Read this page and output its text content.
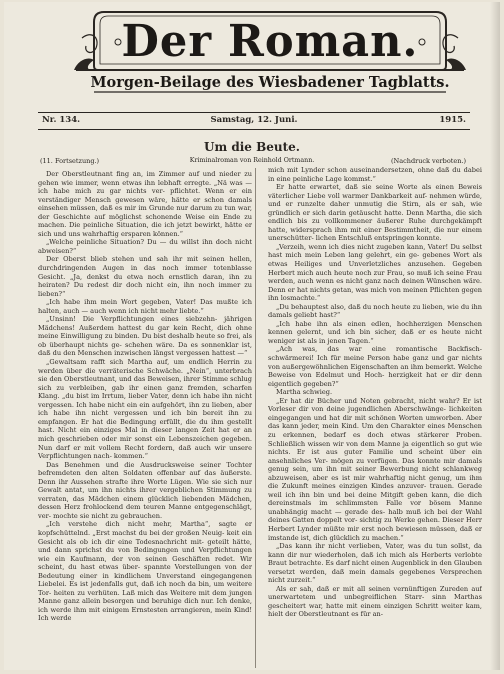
Der Roman.
Morgen-Beilage des Wiesbadener Tagblatts.
Nr. 134.	Samstag, 12. Juni.	1915.
Um die Beute.
(11. Fortsetzung.)	Kriminalroman von Reinhold Ortmann.	(Nachdruck verboten.)

Der Oberstleutnant fing an, im Zimmer auf und nieder zu gehen wie immer, wenn etwas ihn lebhaft erregte. „Nä was — ich habe mich zu gar nichts ver- pflichtet. Wenn er ein verständiger Mensch gewesen wäre, hätte er schon damals einsehen müssen, daß es mir im Grunde nur darum zu tun war, der Geschichte auf möglichst schonende Weise ein Ende zu machen. Die peinliche Situation, die ich jetzt bewirkt, hätte er sich und uns wahrhaftig ersparen können.“

„Welche peinliche Situation? Du — du willst ihn doch nicht abweisen?“

Der Oberst blieb stehen und sah ihr mit seinen hellen, durchdringenden Augen in das noch immer totenblasse Gesicht. „Ja, denkst du etwa noch ernstlich daran, ihn zu heiraten? Du redest dir doch nicht ein, ihn noch immer zu lieben?“

„Ich habe ihm mein Wort gegeben, Vater! Das mußte ich halten, auch — auch wenn ich nicht mehr liebte.“

„Unsinn! Die Verpflichtungen eines siebzehn- jährigen Mädchens! Außerdem hattest du gar kein Recht, dich ohne meine Einwilligung zu binden. Du bist deshalb heute so frei, als ob überhaupt nichts ge- schehen wäre. Da es sonnenklar ist, daß du den Menschen inzwischen längst vergessen hattest —“

„Gewaltsam rafft sich Martha auf, um endlich Herrin zu werden über die verräterische Schwäche. „Nein“, unterbrach sie den Oberstleutnant, und das Beweisen, ihrer Stimme schlug sich zu verbleiben, gab ihr einen ganz fremden, scharfen Klang. „du bist im Irrtum, lieber Vater, denn ich habe ihn nicht vergessen. Ich habe nicht ein ein aufgehört, ihn zu lieben, aber ich habe ihn nicht vergessen und ich bin bereit ihn zu empfangen. Er hat die Bedingung erfüllt, die du ihm gestellt hast. Nicht ein einziges Mal in dieser langen Zeit hat er an mich geschrieben oder mir sonst ein Lebenszeichen gegeben. Nun darf er mit vollem Recht fordern, daß auch wir unsere Verpflichtungen nach- kommen.“

Das Benehmen und die Ausdrucksweise seiner Tochter befremdeten den alten Soldaten offenbar auf das äußerste. Denn ihr Aussehen strafte ihre Worte Lügen. Wie sie sich nur Gewalt antat, um ihn nichts ihrer vergeblichen Stimmung zu verraten, das Mädchen einem glücklich liebenden Mädchen, dessen Herz frohlockend dem teuren Manne entgegenschlägt, ver- mochte sie nicht zu gebrauchen.

„Ich verstehe dich nicht mehr, Martha“, sagte er kopfschüttelnd. „Erst machst du bei der großen Neuig- keit ein Gesicht als ob ich dir eine Todesnachricht mit- geteilt hätte, und dann sprichst du von Bedingungen und Verpflichtungen wie ein Kaufmann, der von seinen Geschäften redet. Wir scheint, du hast etwas über- spannte Vorstellungen von der Bedeutung einer in kindlichem Unverstand eingegangenen Liebelei. Es ist jedenfalls gut, daß ich noch da bin, um weitere Tor- heiten zu verhüten. Laß mich das Weitere mit dem jungen Manne ganz allein besorgen und beruhige dich nur. Ich denke, ich werde ihm mit einigem Ernstesten arrangieren, mein Kind! Ich werde

mich mit Lynder schon auseinandersetzen, ohne daß du dabei in eine peinliche Lage kommst.“

Er hatte erwartet, daß sie seine Worte als einen Beweis väterlicher Liebe voll warmer Dankbarkeit auf- nehmen würde, und er runzelte daher unmutig die Stirn, als er sah, wie gründlich er sich darin getäuscht hatte. Denn Martha, die sich endlich bis zu vollkommener äußerer Ruhe durchgekämpft hatte, widersprach ihm mit einer Bestimmtheit, die nur einem unerschütter- lichen Entschluß entspringen konnte.

„Verzeih, wenn ich dies nicht zugeben kann, Vater! Du selbst hast mich mein Leben lang gelehrt, ein ge- gebenes Wort als etwas Heiliges und Unverletzliches anzusehen. Gegeben Herbert mich auch heute noch zur Frau, so muß ich seine Frau werden, auch wenn es nicht ganz nach deinen Wünschen wäre. Denn er hat nichts getan, was mich von meinen Pflichten gegen ihn losmachte.“

„Du behauptest also, daß du noch heute zu lieben, wie du ihn damals geliebt hast?“

„Ich habe ihn als einen edlen, hochherzigen Menschen kennen gelernt, und ich bin sicher, daß er es heute nicht weniger ist als in jenen Tagen.“

„Ach was, das war eine romantische Backfisch- schwärmerei! Ich für meine Person habe ganz und gar nichts von außergewöhnlichen Eigenschaften an ihm bemerkt. Welche Beweise von Edelmut und Hoch- herzigkeit hat er dir denn eigentlich gegeben?“

Martha schwieg.

„Er hat dir Bücher und Noten gebracht, nicht wahr? Er ist Vorleser dir von deine jugendlichen Aberschwänge- lichkeiten eingegangen und hat dir mit schönen Worten umworben. Aber das kann jeder, mein Kind. Um den Charakter eines Menschen zu erkennen, bedarf es doch etwas stärkerer Proben. Schließlich wissen wir von dem Manne ja eigentlich so gut wie nichts. Er ist aus guter Familie und scheint über ein ansehnliches Ver- mögen zu verfügen. Das konnte mir damals genug sein, um ihn mit seiner Bewerbung nicht schlankweg abzuweisen, aber es ist mir wahrhaftig nicht genug, um ihm die Zukunft meines einzigen Kindes anzuver- trauen. Gerade weil ich ihn bin und bei deine Mitgift geben kann, die dich dereinstmals im schlimmsten Falle vor bösem Manne unabhängig macht — gerade des- halb muß ich bei der Wahl deines Gatten doppelt vor- sichtig zu Werke gehen. Dieser Herr Herbert Lynder müßte mir erst noch bewiesen müssen, daß er imstande ist, dich glücklich zu machen.“

„Das kann ihr nicht verlieben, Vater, was du tun sollst, da kann dir nur wiederholen, daß ich mich als Herberts verlobte Braut betrachte. Es darf nicht einen Augenblick in den Glauben versetzt werden, daß mein damals gegebenes Versprechen nicht zurzeit.“

Als er sah, daß er mit all seinen vernünftigen Zureden auf unerwartetem und unbegreiflichen Starr- sinn Marthas gescheitert war, hatte mit einem einzigen Schritt weiter kam, hielt der Oberstleutnant es für an-
